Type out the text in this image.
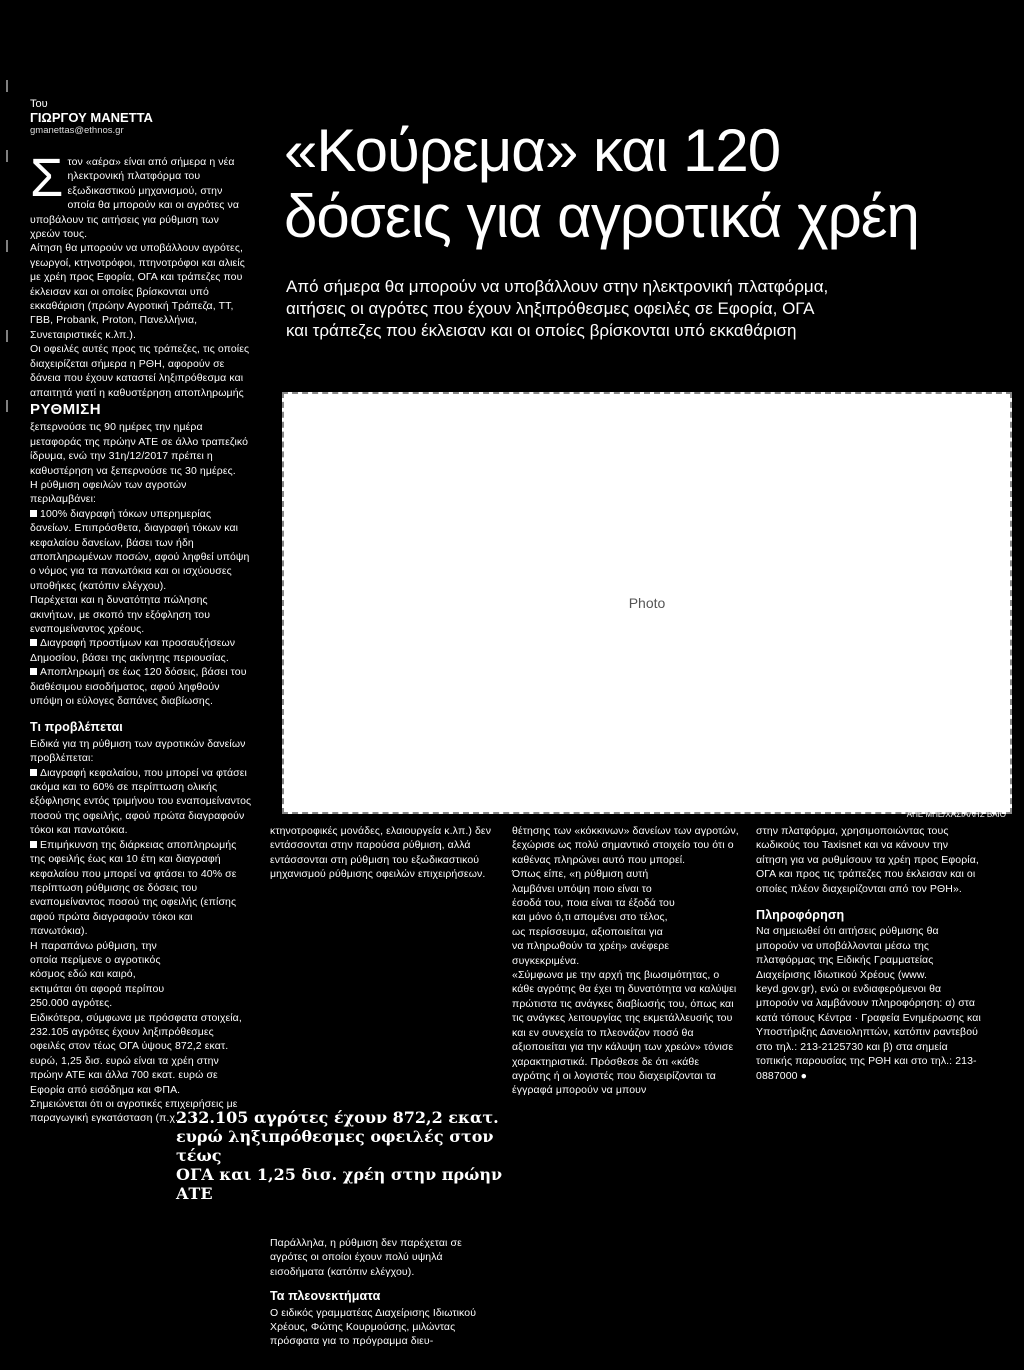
Του
ΓΙΩΡΓΟΥ ΜΑΝΕΤΤΑ
gmanettas@ethnos.gr	«Κούρεμα» και 120
δόσεις για αγροτικά χρέη
Από σήμερα θα μπορούν να υποβάλλουν στην ηλεκτρονική πλατφόρμα,
αιτήσεις οι αγρότες που έχουν ληξιπρόθεσμες οφειλές σε Εφορία, ΟΓΑ
και τράπεζες που έκλεισαν και οι οποίες βρίσκονται υπό εκκαθάριση

Στον «αέρα» είναι από σήμερα η νέα ηλεκτρονική πλατφόρμα του εξωδικαστικού μηχανισμού, στην οποία θα μπορούν και οι αγρότες να υποβάλουν τις αιτήσεις για ρύθμιση των χρεών τους.

Αίτηση θα μπορούν να υποβάλλουν αγρότες, γεωργοί, κτηνοτρόφοι, πτηνοτρόφοι και αλιείς με χρέη προς Εφορία, ΟΓΑ και τράπεζες που έκλεισαν και οι οποίες βρίσκονται υπό εκκαθάριση (πρώην Αγροτική Τράπεζα, ΤΤ, ΓΒΒ, Probank, Proton, Πανελλήνια, Συνεταιριστικές κ.λπ.).

Οι οφειλές αυτές προς τις τράπεζες, τις οποίες διαχειρίζεται σήμερα η ΡΘΗ, αφορούν σε δάνεια που έχουν καταστεί ληξιπρόθεσμα και απαιτητά γιατί η καθυστέρηση αποπληρωμής

ΡΥΘΜΙΣΗ

ξεπερνούσε τις 90 ημέρες την ημέρα μεταφοράς της πρώην ΑΤΕ σε άλλο τραπεζικό ίδρυμα, ενώ την 31η/12/2017 πρέπει η καθυστέρηση να ξεπερνούσε τις 30 ημέρες.

Η ρύθμιση οφειλών των αγροτών περιλαμβάνει:

100% διαγραφή τόκων υπερημερίας δανείων. Επιπρόσθετα, διαγραφή τόκων και κεφαλαίου δανείων, βάσει των ήδη αποπληρωμένων ποσών, αφού ληφθεί υπόψη ο νόμος για τα πανωτόκια και οι ισχύουσες υποθήκες (κατόπιν ελέγχου).

Παρέχεται και η δυνατότητα πώλησης ακινήτων, με σκοπό την εξόφληση του εναπομείναντος χρέους.

Διαγραφή προστίμων και προσαυξήσεων Δημοσίου, βάσει της ακίνητης περιουσίας.

Αποπληρωμή σε έως 120 δόσεις, βάσει του διαθέσιμου εισοδήματος, αφού ληφθούν υπόψη οι εύλογες δαπάνες διαβίωσης.

Τι προβλέπεται

Ειδικά για τη ρύθμιση των αγροτικών δανείων προβλέπεται:

Διαγραφή κεφαλαίου, που μπορεί να φτάσει ακόμα και το 60% σε περίπτωση ολικής εξόφλησης εντός τριμήνου του εναπομείναντος ποσού της οφειλής, αφού πρώτα διαγραφούν τόκοι και πανωτόκια.

Επιμήκυνση της διάρκειας αποπληρωμής της οφειλής έως και 10 έτη και διαγραφή κεφαλαίου που μπορεί να φτάσει το 40% σε περίπτωση ρύθμισης σε δόσεις του εναπομείναντος ποσού της οφειλής (επίσης αφού πρώτα διαγραφούν τόκοι και πανωτόκια).

Η παραπάνω ρύθμιση, την οποία περίμενε ο αγροτικός κόσμος εδώ και καιρό, εκτιμάται ότι αφορά περίπου 250.000 αγρότες.

Ειδικότερα, σύμφωνα με πρόσφατα στοιχεία, 232.105 αγρότες έχουν ληξιπρόθεσμες οφειλές στον τέως ΟΓΑ ύψους 872,2 εκατ. ευρώ, 1,25 δισ. ευρώ είναι τα χρέη στην πρώην ΑΤΕ και άλλα 700 εκατ. ευρώ σε Εφορία από εισόδημα και ΦΠΑ.

Σημειώνεται ότι οι αγροτικές επιχειρήσεις με παραγωγική εγκατάσταση (π.χ.

Photo
ΑΠΕ ΜΠΕ/ΧΑΣΙΑΛΗΣ ΒΑΙΟ
232.105 αγρότες έχουν 872,2 εκατ.
ευρώ ληξιπρόθεσμες οφειλές στον τέως
ΟΓΑ και 1,25 δισ. χρέη στην πρώην ΑΤΕ

κτηνοτροφικές μονάδες, ελαιουργεία κ.λπ.) δεν εντάσσονται στην παρούσα ρύθμιση, αλλά εντάσσονται στη ρύθμιση του εξωδικαστικού μηχανισμού ρύθμισης οφειλών επιχειρήσεων.

Παράλληλα, η ρύθμιση δεν παρέχεται σε αγρότες οι οποίοι έχουν πολύ υψηλά εισοδήματα (κατόπιν ελέγχου).

Τα πλεονεκτήματα

Ο ειδικός γραμματέας Διαχείρισης Ιδιωτικού Χρέους, Φώτης Κουρμούσης, μιλώντας πρόσφατα για το πρόγραμμα διευ-

θέτησης των «κόκκινων» δανείων των αγροτών, ξεχώρισε ως πολύ σημαντικό στοιχείο του ότι ο καθένας πληρώνει αυτό που μπορεί.

Όπως είπε, «η ρύθμιση αυτή λαμβάνει υπόψη ποιο είναι το έσοδά του, ποια είναι τα έξοδά του και μόνο ό,τι απομένει στο τέλος, ως περίσσευμα, αξιοποιείται για να πληρωθούν τα χρέη» ανέφερε συγκεκριμένα.

«Σύμφωνα με την αρχή της βιωσιμότητας, ο κάθε αγρότης θα έχει τη δυνατότητα να καλύψει πρώτιστα τις ανάγκες διαβίωσής του, όπως και τις ανάγκες λειτουργίας της εκμετάλλευσής του και εν συνεχεία το πλεονάζον ποσό θα αξιοποιείται για την κάλυψη των χρεών» τόνισε χαρακτηριστικά. Πρόσθεσε δε ότι «κάθε αγρότης ή οι λογιστές που διαχειρίζονται τα έγγραφά μπορούν να μπουν

στην πλατφόρμα, χρησιμοποιώντας τους κωδικούς του Taxisnet και να κάνουν την αίτηση για να ρυθμίσουν τα χρέη προς Εφορία, ΟΓΑ και προς τις τράπεζες που έκλεισαν και οι οποίες πλέον διαχειρίζονται από τον ΡΘΗ».

Πληροφόρηση

Να σημειωθεί ότι αιτήσεις ρύθμισης θα μπορούν να υποβάλλονται μέσω της πλατφόρμας της Ειδικής Γραμματείας Διαχείρισης Ιδιωτικού Χρέους (www. keyd.gov.gr), ενώ οι ενδιαφερόμενοι θα μπορούν να λαμβάνουν πληροφόρηση: α) στα κατά τόπους Κέντρα · Γραφεία Ενημέρωσης και Υποστήριξης Δανειοληπτών, κατόπιν ραντεβού στο τηλ.: 213-2125730 και β) στα σημεία τοπικής παρουσίας της ΡΘΗ και στο τηλ.: 213-0887000 ●
